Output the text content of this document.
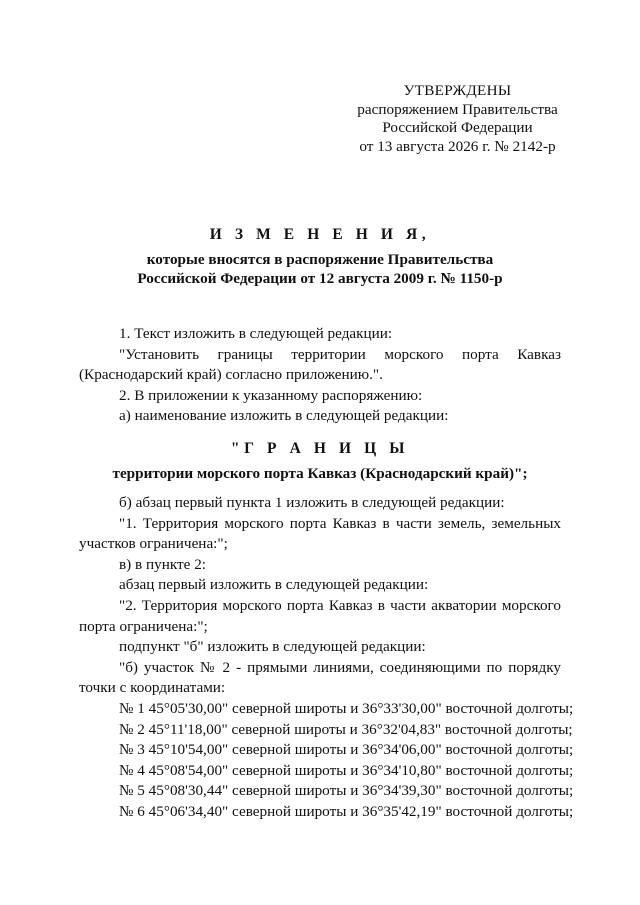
УТВЕРЖДЕНЫ
распоряжением Правительства
Российской Федерации
от 13 августа 2026 г. № 2142-р
И З М Е Н Е Н И Я,
которые вносятся в распоряжение Правительства
Российской Федерации от 12 августа 2009 г. № 1150-р
1. Текст изложить в следующей редакции:
"Установить границы территории морского порта Кавказ
(Краснодарский край) согласно приложению.".
2. В приложении к указанному распоряжению:
а) наименование изложить в следующей редакции:
"Г Р А Н И Ц Ы
территории морского порта Кавказ (Краснодарский край)";
б) абзац первый пункта 1 изложить в следующей редакции:
"1. Территория морского порта Кавказ в части земель, земельных
участков ограничена:";
в) в пункте 2:
абзац первый изложить в следующей редакции:
"2. Территория морского порта Кавказ в части акватории морского
порта ограничена:";
подпункт "б" изложить в следующей редакции:
"б) участок № 2 - прямыми линиями, соединяющими по порядку
точки с координатами:
№ 1 45°05'30,00" северной широты и 36°33'30,00" восточной долготы;
№ 2 45°11'18,00" северной широты и 36°32'04,83" восточной долготы;
№ 3 45°10'54,00" северной широты и 36°34'06,00" восточной долготы;
№ 4 45°08'54,00" северной широты и 36°34'10,80" восточной долготы;
№ 5 45°08'30,44" северной широты и 36°34'39,30" восточной долготы;
№ 6 45°06'34,40" северной широты и 36°35'42,19" восточной долготы;
